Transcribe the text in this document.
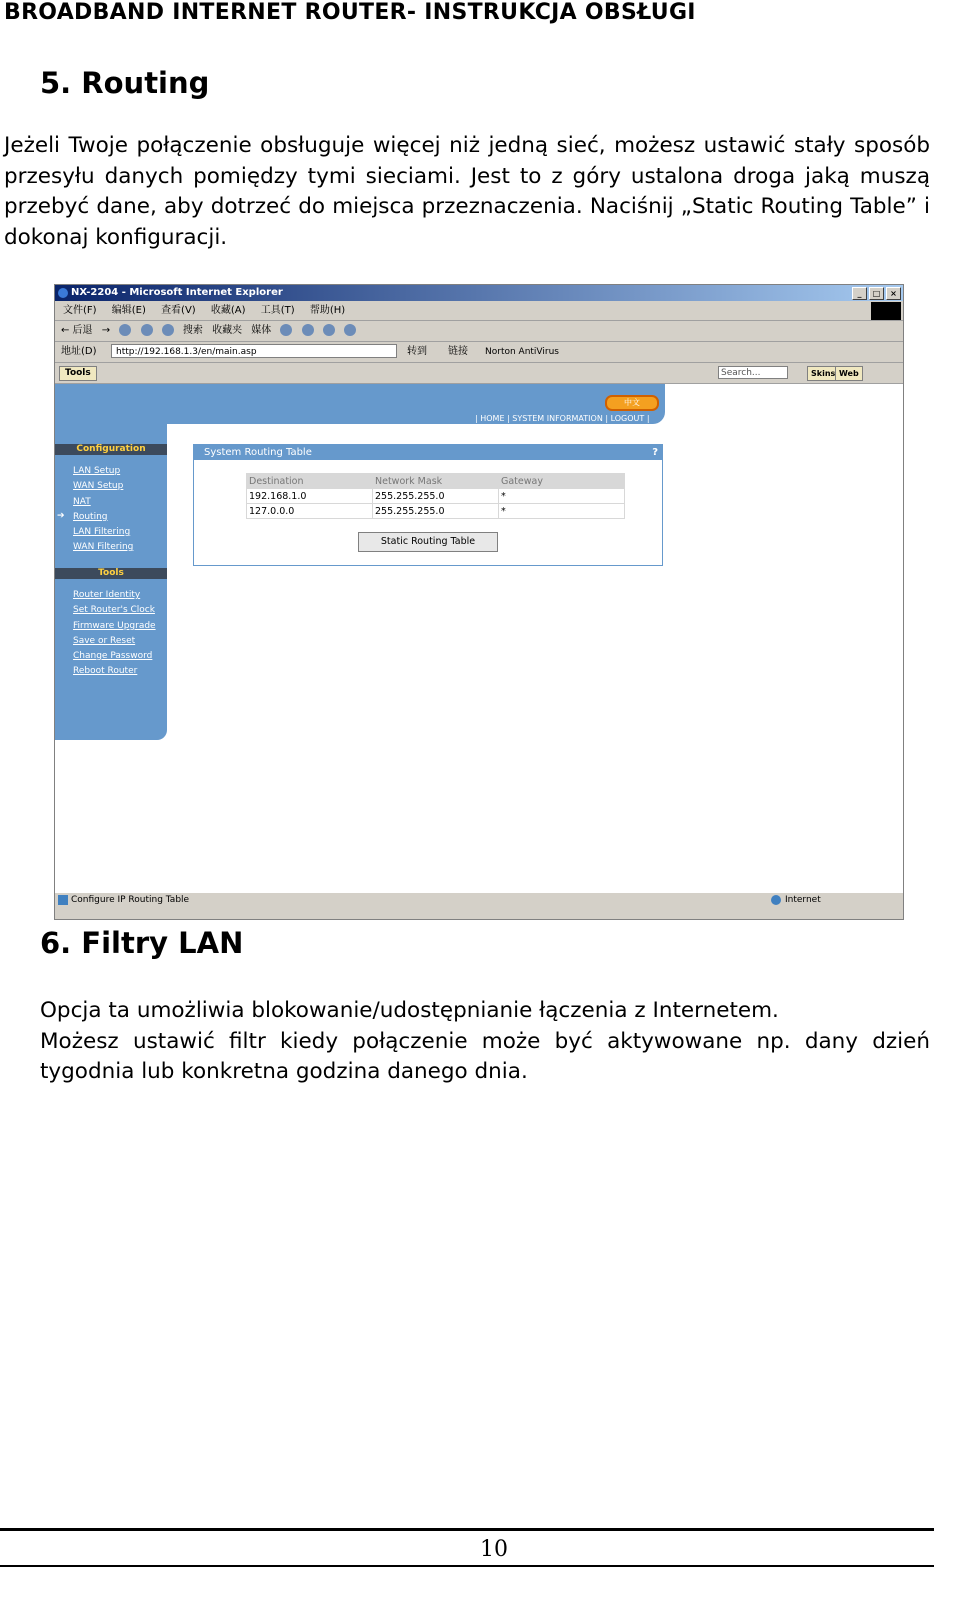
BROADBAND INTERNET ROUTER- INSTRUKCJA OBSŁUGI
5. Routing
Jeżeli Twoje połączenie obsługuje więcej niż jedną sieć, możesz ustawić stały sposób
przesyłu danych pomiędzy tymi sieciami. Jest to z góry ustalona droga jaką muszą
przebyć dane, aby dotrzeć do miejsca przeznaczenia. Naciśnij „Static Routing Table” i
dokonaj konfiguracji.
NX-2204 - Microsoft Internet Explorer	_	□	×
文件(F) 编辑(E) 查看(V) 收藏(A) 工具(T) 帮助(H)
← 后退 →	搜索 收藏夹 媒体
地址(D)	http://192.168.1.3/en/main.asp	转到 链接 Norton AntiVirus
Tools	Search...	Skins Web
中文
| HOME | SYSTEM INFORMATION | LOGOUT |
Configuration
LAN Setup
WAN Setup
NAT
➔ Routing
LAN Filtering
WAN Filtering
Tools
Router Identity
Set Router's Clock
Firmware Upgrade
Save or Reset
Change Password
Reboot Router
System Routing Table	?
Destination	Network Mask	Gateway
192.168.1.0	255.255.255.0	*
127.0.0.0	255.255.255.0	*
Static Routing Table
Configure IP Routing Table	Internet
6. Filtry LAN
Opcja ta umożliwia blokowanie/udostępnianie łączenia z Internetem.
Możesz ustawić filtr kiedy połączenie może być aktywowane np. dany dzień
tygodnia lub konkretna godzina danego dnia.
10
